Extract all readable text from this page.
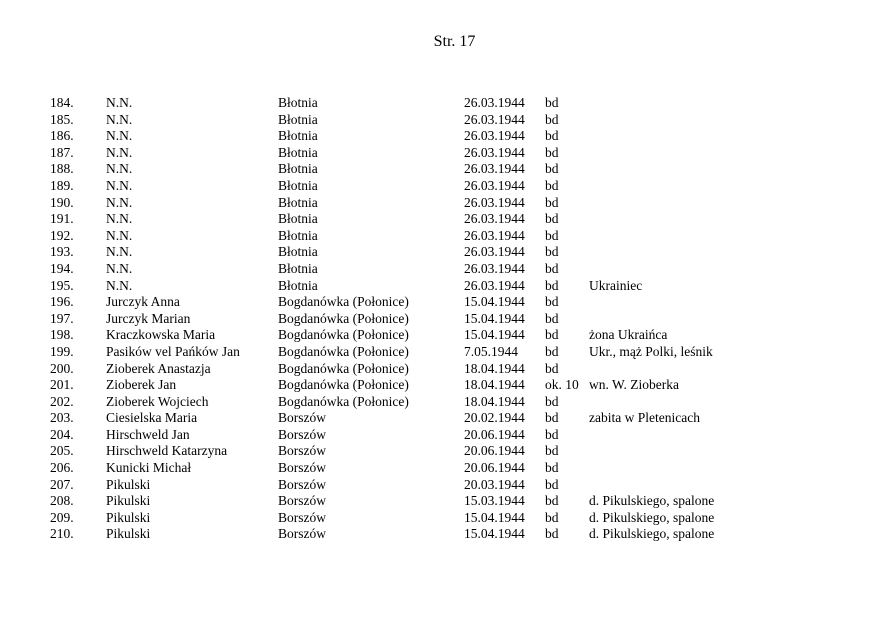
Str. 17
184. N.N.	Błotnia	26.03.1944 bd
185. N.N.	Błotnia	26.03.1944 bd
186. N.N.	Błotnia	26.03.1944 bd
187. N.N.	Błotnia	26.03.1944 bd
188. N.N.	Błotnia	26.03.1944 bd
189. N.N.	Błotnia	26.03.1944 bd
190. N.N.	Błotnia	26.03.1944 bd
191. N.N.	Błotnia	26.03.1944 bd
192. N.N.	Błotnia	26.03.1944 bd
193. N.N.	Błotnia	26.03.1944 bd
194. N.N.	Błotnia	26.03.1944 bd
195. N.N.	Błotnia	26.03.1944 bd Ukrainiec
196. Jurczyk Anna	Bogdanówka (Połonice)	15.04.1944 bd
197. Jurczyk Marian	Bogdanówka (Połonice)	15.04.1944 bd
198. Kraczkowska Maria	Bogdanówka (Połonice)	15.04.1944 bd żona Ukraińca
199. Pasików vel Pańków Jan	Bogdanówka (Połonice)	7.05.1944 bd Ukr., mąż Polki, leśnik
200. Zioberek Anastazja	Bogdanówka (Połonice)	18.04.1944 bd
201. Zioberek Jan	Bogdanówka (Połonice)	18.04.1944 ok. 10 wn. W. Zioberka
202. Zioberek Wojciech	Bogdanówka (Połonice)	18.04.1944 bd
203. Ciesielska Maria	Borszów	20.02.1944 bd zabita w Pletenicach
204. Hirschweld Jan	Borszów	20.06.1944 bd
205. Hirschweld Katarzyna	Borszów	20.06.1944 bd
206. Kunicki Michał	Borszów	20.06.1944 bd
207. Pikulski	Borszów	20.03.1944 bd
208. Pikulski	Borszów	15.03.1944 bd d. Pikulskiego, spalone
209. Pikulski	Borszów	15.04.1944 bd d. Pikulskiego, spalone
210. Pikulski	Borszów	15.04.1944 bd d. Pikulskiego, spalone
